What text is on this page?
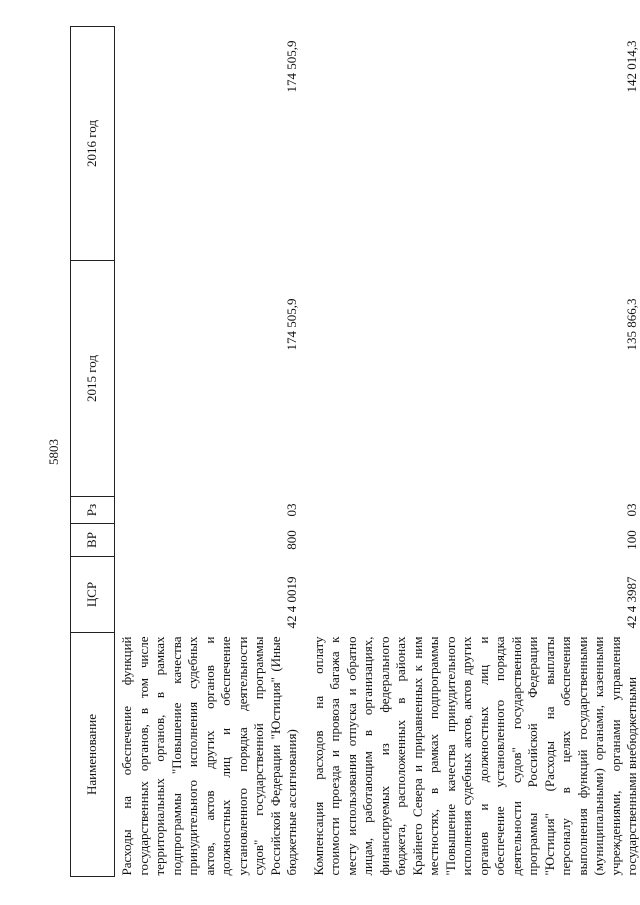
5803
Наименование	ЦСР	ВР	Рз	2015 год	2016 год
Расходы на обеспечение функций государственных органов, в том числе территориальных органов, в рамках подпрограммы "Повышение качества принудительного исполнения судебных актов, актов других органов и должностных лиц и обеспечение установленного порядка деятельности судов" государственной программы Российской Федерации "Юстиция" (Иные бюджетные ассигнования)	42 4 0019	800	03	174 505,9	174 505,9
Компенсация расходов на оплату стоимости проезда и провоза багажа к месту использования отпуска и обратно лицам, работающим в организациях, финансируемых из федерального бюджета, расположенных в районах Крайнего Севера и приравненных к ним местностях, в рамках подпрограммы "Повышение качества принудительного исполнения судебных актов, актов других органов и должностных лиц и обеспечение установленного порядка деятельности судов" государственной программы Российской Федерации "Юстиция" (Расходы на выплаты персоналу в целях обеспечения выполнения функций государственными (муниципальными) органами, казенными учреждениями, органами управления государственными внебюджетными	42 4 3987	100	03	135 866,3	142 014,3
